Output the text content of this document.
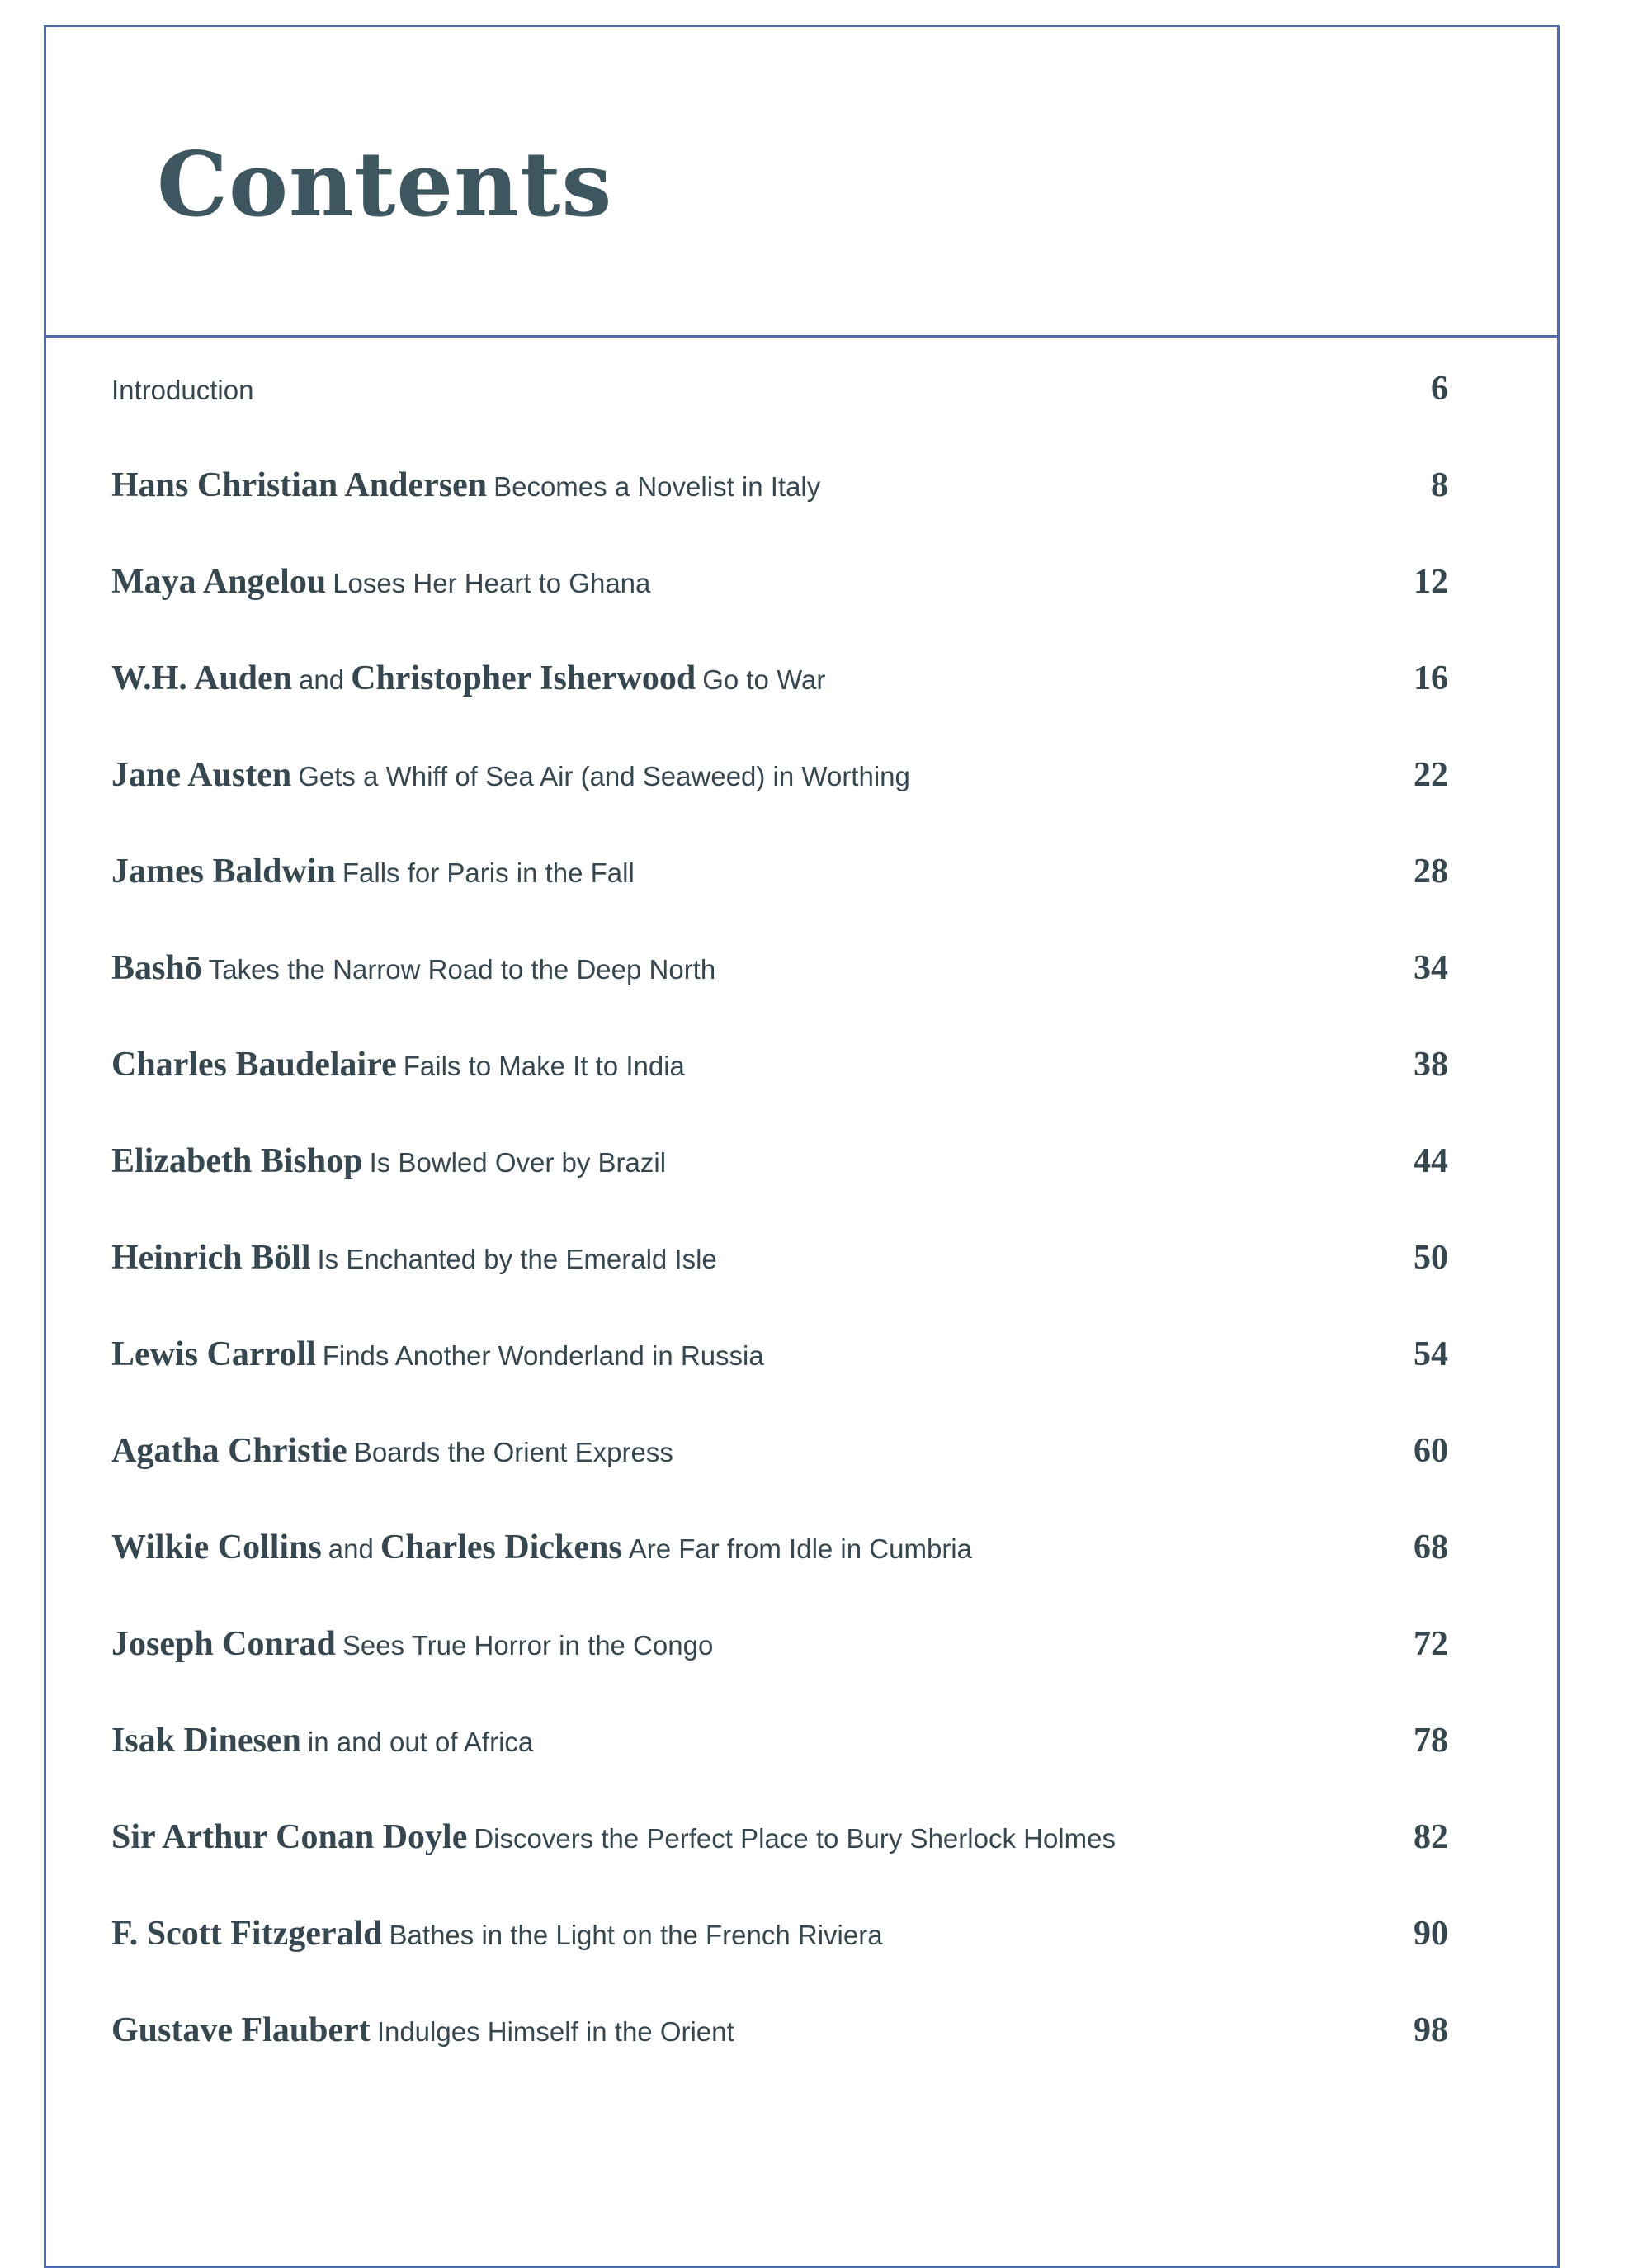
Contents
Introduction	6
Hans Christian Andersen Becomes a Novelist in Italy	8
Maya Angelou Loses Her Heart to Ghana	12
W.H. Auden and Christopher Isherwood Go to War	16
Jane Austen Gets a Whiff of Sea Air (and Seaweed) in Worthing	22
James Baldwin Falls for Paris in the Fall	28
Bashō Takes the Narrow Road to the Deep North	34
Charles Baudelaire Fails to Make It to India	38
Elizabeth Bishop Is Bowled Over by Brazil	44
Heinrich Böll Is Enchanted by the Emerald Isle	50
Lewis Carroll Finds Another Wonderland in Russia	54
Agatha Christie Boards the Orient Express	60
Wilkie Collins and Charles Dickens Are Far from Idle in Cumbria	68
Joseph Conrad Sees True Horror in the Congo	72
Isak Dinesen in and out of Africa	78
Sir Arthur Conan Doyle Discovers the Perfect Place to Bury Sherlock Holmes	82
F. Scott Fitzgerald Bathes in the Light on the French Riviera	90
Gustave Flaubert Indulges Himself in the Orient	98
